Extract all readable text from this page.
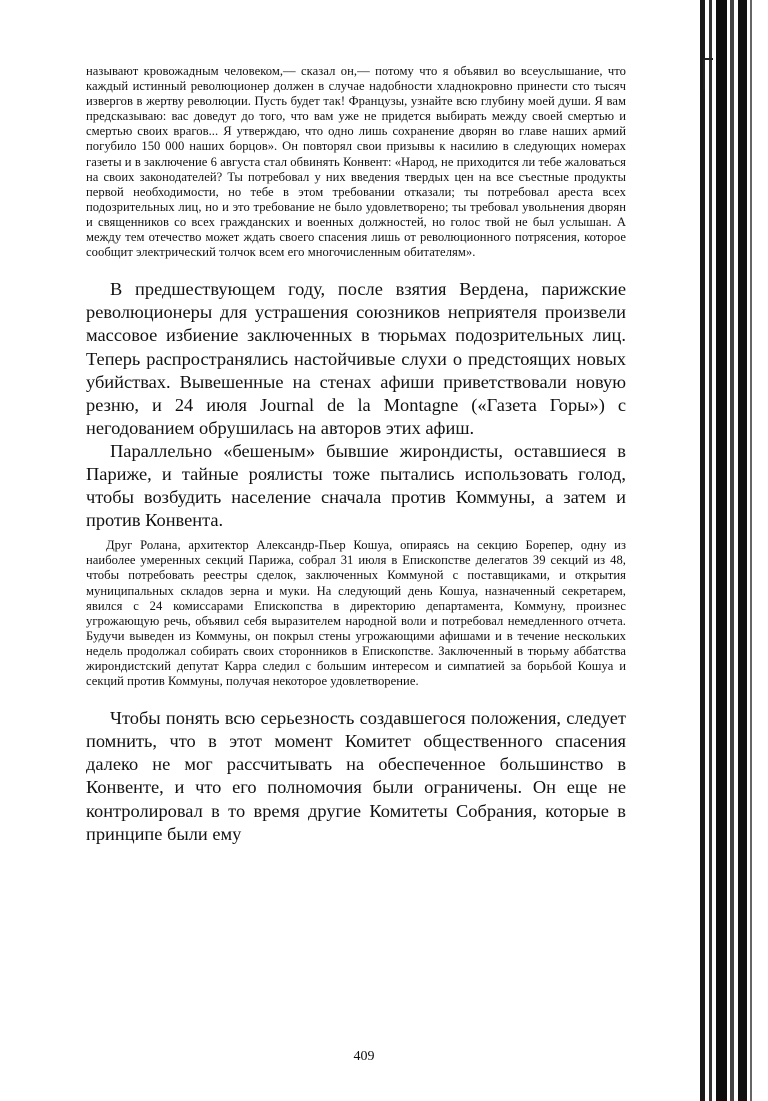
называют кровожадным человеком,— сказал он,— потому что я объявил во всеуслышание, что каждый истинный революционер должен в случае надобности хладнокровно принести сто тысяч извергов в жертву революции. Пусть будет так! Французы, узнайте всю глубину моей души. Я вам предсказываю: вас доведут до того, что вам уже не придется выбирать между своей смертью и смертью своих врагов... Я утверждаю, что одно лишь сохранение дворян во главе наших армий погубило 150 000 наших борцов». Он повторял свои призывы к насилию в следующих номерах газеты и в заключение 6 августа стал обвинять Конвент: «Народ, не приходится ли тебе жаловаться на своих законодателей? Ты потребовал у них введения твердых цен на все съестные продукты первой необходимости, но тебе в этом требовании отказали; ты потребовал ареста всех подозрительных лиц, но и это требование не было удовлетворено; ты требовал увольнения дворян и священников со всех гражданских и военных должностей, но голос твой не был услышан. А между тем отечество может ждать своего спасения лишь от революционного потрясения, которое сообщит электрический толчок всем его многочисленным обитателям».

В предшествующем году, после взятия Вердена, парижские революционеры для устрашения союзников неприятеля произвели массовое избиение заключенных в тюрьмах подозрительных лиц. Теперь распространялись настойчивые слухи о предстоящих новых убийствах. Вывешенные на стенах афиши приветствовали новую резню, и 24 июля Journal de la Montagne («Газета Горы») с негодованием обрушилась на авторов этих афиш.

Параллельно «бешеным» бывшие жирондисты, оставшиеся в Париже, и тайные роялисты тоже пытались использовать голод, чтобы возбудить население сначала против Коммуны, а затем и против Конвента.

Друг Ролана, архитектор Александр-Пьер Кошуа, опираясь на секцию Борепер, одну из наиболее умеренных секций Парижа, собрал 31 июля в Епископстве делегатов 39 секций из 48, чтобы потребовать реестры сделок, заключенных Коммуной с поставщиками, и открытия муниципальных складов зерна и муки. На следующий день Кошуа, назначенный секретарем, явился с 24 комиссарами Епископства в директорию департамента, Коммуну, произнес угрожающую речь, объявил себя выразителем народной воли и потребовал немедленного отчета. Будучи выведен из Коммуны, он покрыл стены угрожающими афишами и в течение нескольких недель продолжал собирать своих сторонников в Епископстве. Заключенный в тюрьму аббатства жирондистский депутат Карра следил с большим интересом и симпатией за борьбой Кошуа и секций против Коммуны, получая некоторое удовлетворение.

Чтобы понять всю серьезность создавшегося положения, следует помнить, что в этот момент Комитет общественного спасения далеко не мог рассчитывать на обеспеченное большинство в Конвенте, и что его полномочия были ограничены. Он еще не контролировал в то время другие Комитеты Собрания, которые в принципе были ему

409
